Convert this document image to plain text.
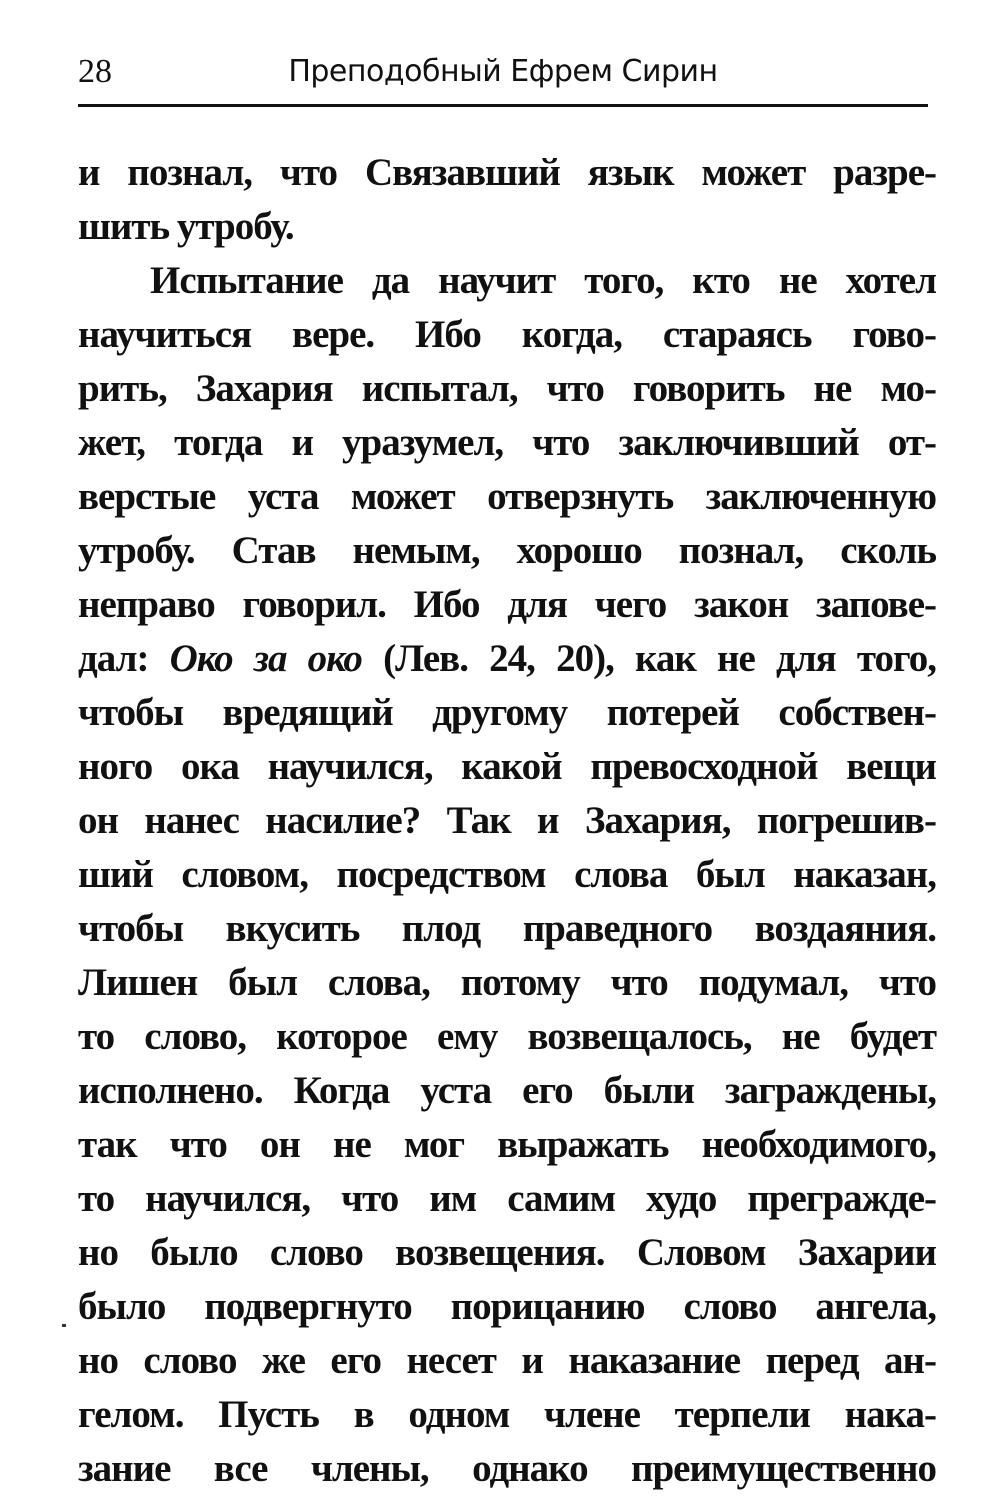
28	Преподобный Ефрем Сирин
и познал, что Связавший язык может разре-
шить утробу.
Испытание да научит того, кто не хотел
научиться вере. Ибо когда, стараясь гово-
рить, Захария испытал, что говорить не мо-
жет, тогда и уразумел, что заключивший от-
верстые уста может отверзнуть заключенную
утробу. Став немым, хорошо познал, сколь
неправо говорил. Ибо для чего закон запове-
дал: Око за око (Лев. 24, 20), как не для того,
чтобы вредящий другому потерей собствен-
ного ока научился, какой превосходной вещи
он нанес насилие? Так и Захария, погрешив-
ший словом, посредством слова был наказан,
чтобы вкусить плод праведного воздаяния.
Лишен был слова, потому что подумал, что
то слово, которое ему возвещалось, не будет
исполнено. Когда уста его были заграждены,
так что он не мог выражать необходимого,
то научился, что им самим худо прегражде-
но было слово возвещения. Словом Захарии
было подвергнуто порицанию слово ангела,
но слово же его несет и наказание перед ан-
гелом. Пусть в одном члене терпели нака-
зание все члены, однако преимущественно
